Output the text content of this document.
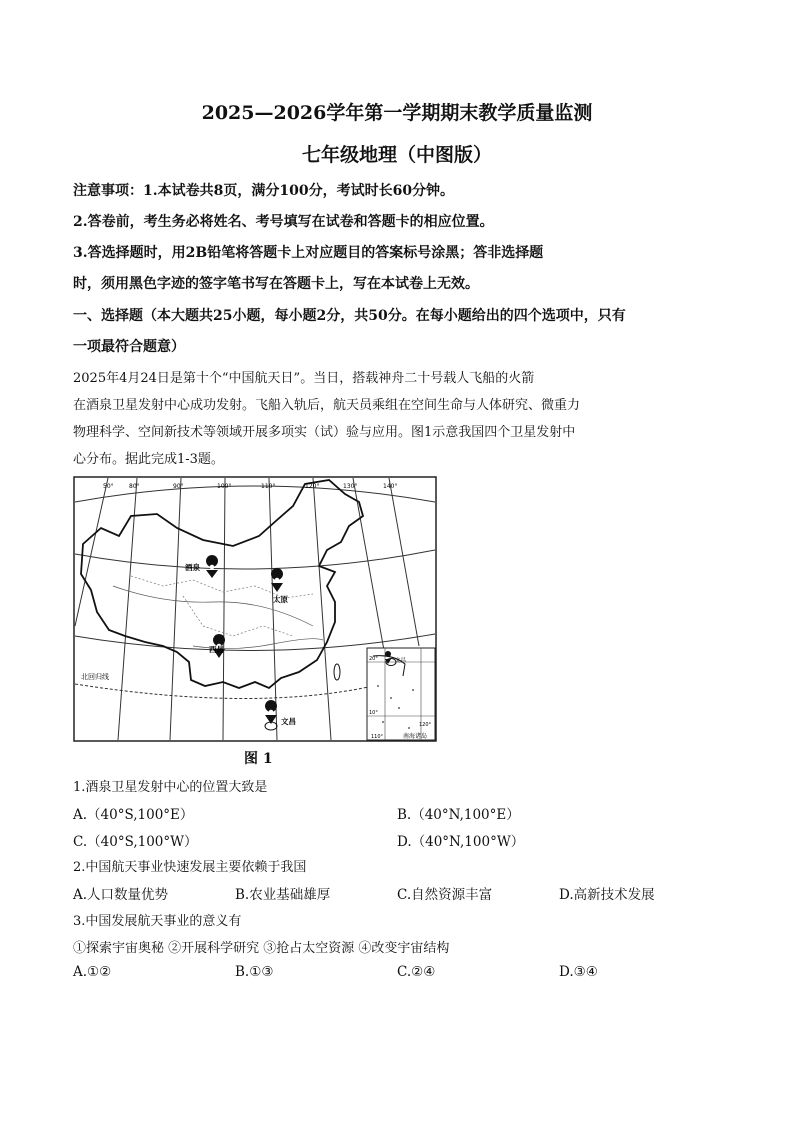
2025—2026学年第一学期期末教学质量监测
七年级地理（中图版）
注意事项：1.本试卷共8页，满分100分，考试时长60分钟。
2.答卷前，考生务必将姓名、考号填写在试卷和答题卡的相应位置。
3.答选择题时，用2B铅笔将答题卡上对应题目的答案标号涂黑；答非选择题
时，须用黑色字迹的签字笔书写在答题卡上，写在本试卷上无效。
一、选择题（本大题共25小题，每小题2分，共50分。在每小题给出的四个选项中，只有
一项最符合题意）
2025年4月24日是第十个“中国航天日”。当日，搭载神舟二十号载人飞船的火箭
在酒泉卫星发射中心成功发射。飞船入轨后，航天员乘组在空间生命与人体研究、微重力
物理科学、空间新技术等领域开展多项实（试）验与应用。图1示意我国四个卫星发射中
心分布。据此完成1-3题。
50°	80°	90°	100°	110°	120°	130°	140°
北回归线
酒泉
太原
西昌
文昌
文昌
20°
10°
110°
120°
南海诸岛
图 1
1.酒泉卫星发射中心的位置大致是
A.（40°S,100°E）	B.（40°N,100°E）
C.（40°S,100°W）	D.（40°N,100°W）
2.中国航天事业快速发展主要依赖于我国
A.人口数量优势	B.农业基础雄厚	C.自然资源丰富	D.高新技术发展
3.中国发展航天事业的意义有
①探索宇宙奥秘 ②开展科学研究 ③抢占太空资源 ④改变宇宙结构
A.①②	B.①③	C.②④	D.③④
